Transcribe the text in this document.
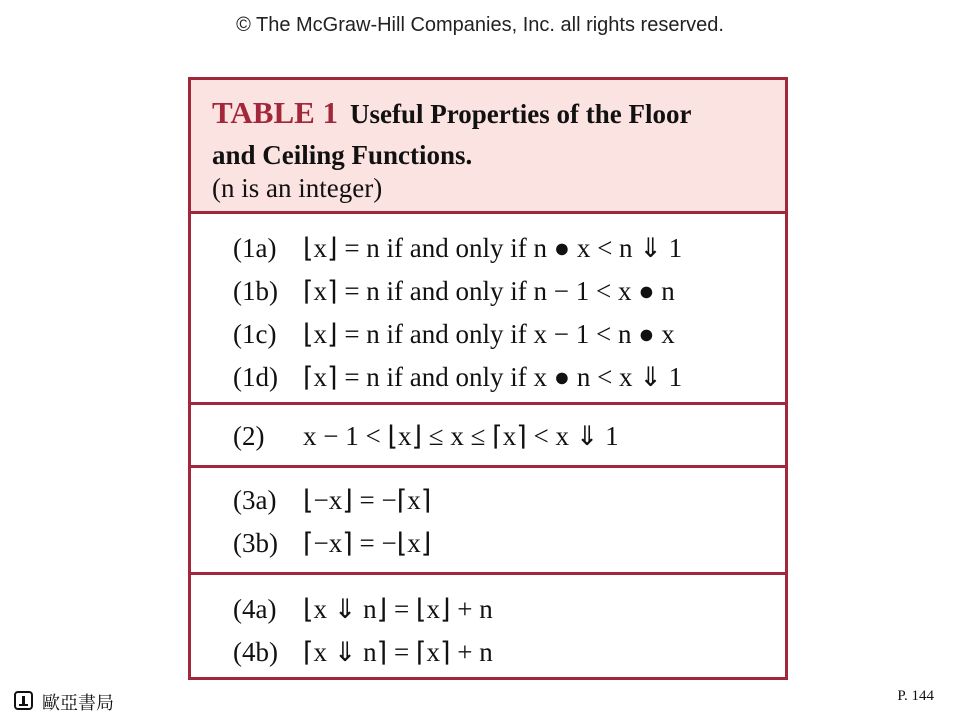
© The McGraw-Hill Companies, Inc. all rights reserved.
TABLE 1 Useful Properties of the Floor
and Ceiling Functions.
(n is an integer)
(1a) ⌊x⌋ = n if and only if n ● x < n ⇓ 1
(1b) ⌈x⌉ = n if and only if n − 1 < x ● n
(1c) ⌊x⌋ = n if and only if x − 1 < n ● x
(1d) ⌈x⌉ = n if and only if x ● n < x ⇓ 1
(2)	x − 1 < ⌊x⌋ ≤ x ≤ ⌈x⌉ < x ⇓ 1
(3a) ⌊−x⌋ = −⌈x⌉
(3b) ⌈−x⌉ = −⌊x⌋
(4a) ⌊x ⇓ n⌋ = ⌊x⌋ + n
(4b) ⌈x ⇓ n⌉ = ⌈x⌉ + n
歐亞書局	P. 144
